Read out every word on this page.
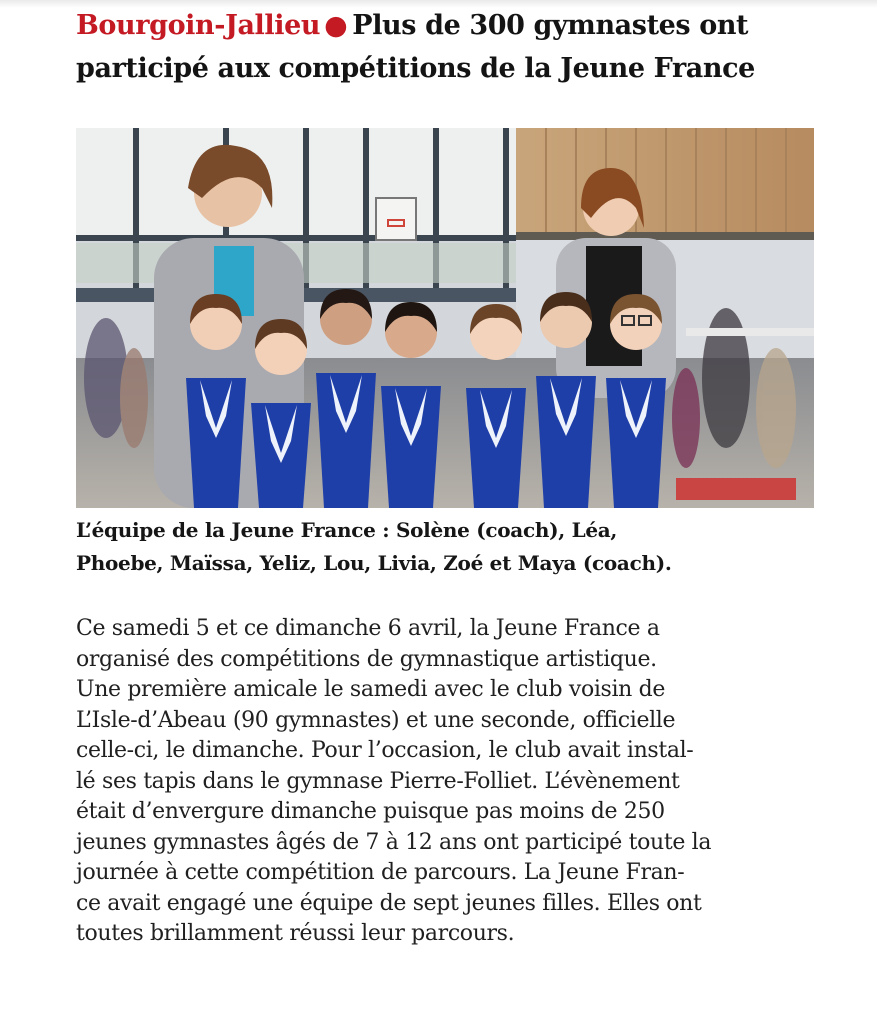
Bourgoin-Jallieu ● Plus de 300 gymnastes ont participé aux compétitions de la Jeune France

L’équipe de la Jeune France : Solène (coach), Léa,
Phoebe, Maïssa, Yeliz, Lou, Livia, Zoé et Maya (coach).

Ce samedi 5 et ce dimanche 6 avril, la Jeune France a
organisé des compétitions de gymnastique artistique.
Une première amicale le samedi avec le club voisin de
L’Isle-d’Abeau (90 gymnastes) et une seconde, officielle
celle-ci, le dimanche. Pour l’occasion, le club avait instal-
lé ses tapis dans le gymnase Pierre-Folliet. L’évènement
était d’envergure dimanche puisque pas moins de 250
jeunes gymnastes âgés de 7 à 12 ans ont participé toute la
journée à cette compétition de parcours. La Jeune Fran-
ce avait engagé une équipe de sept jeunes filles. Elles ont
toutes brillamment réussi leur parcours.
